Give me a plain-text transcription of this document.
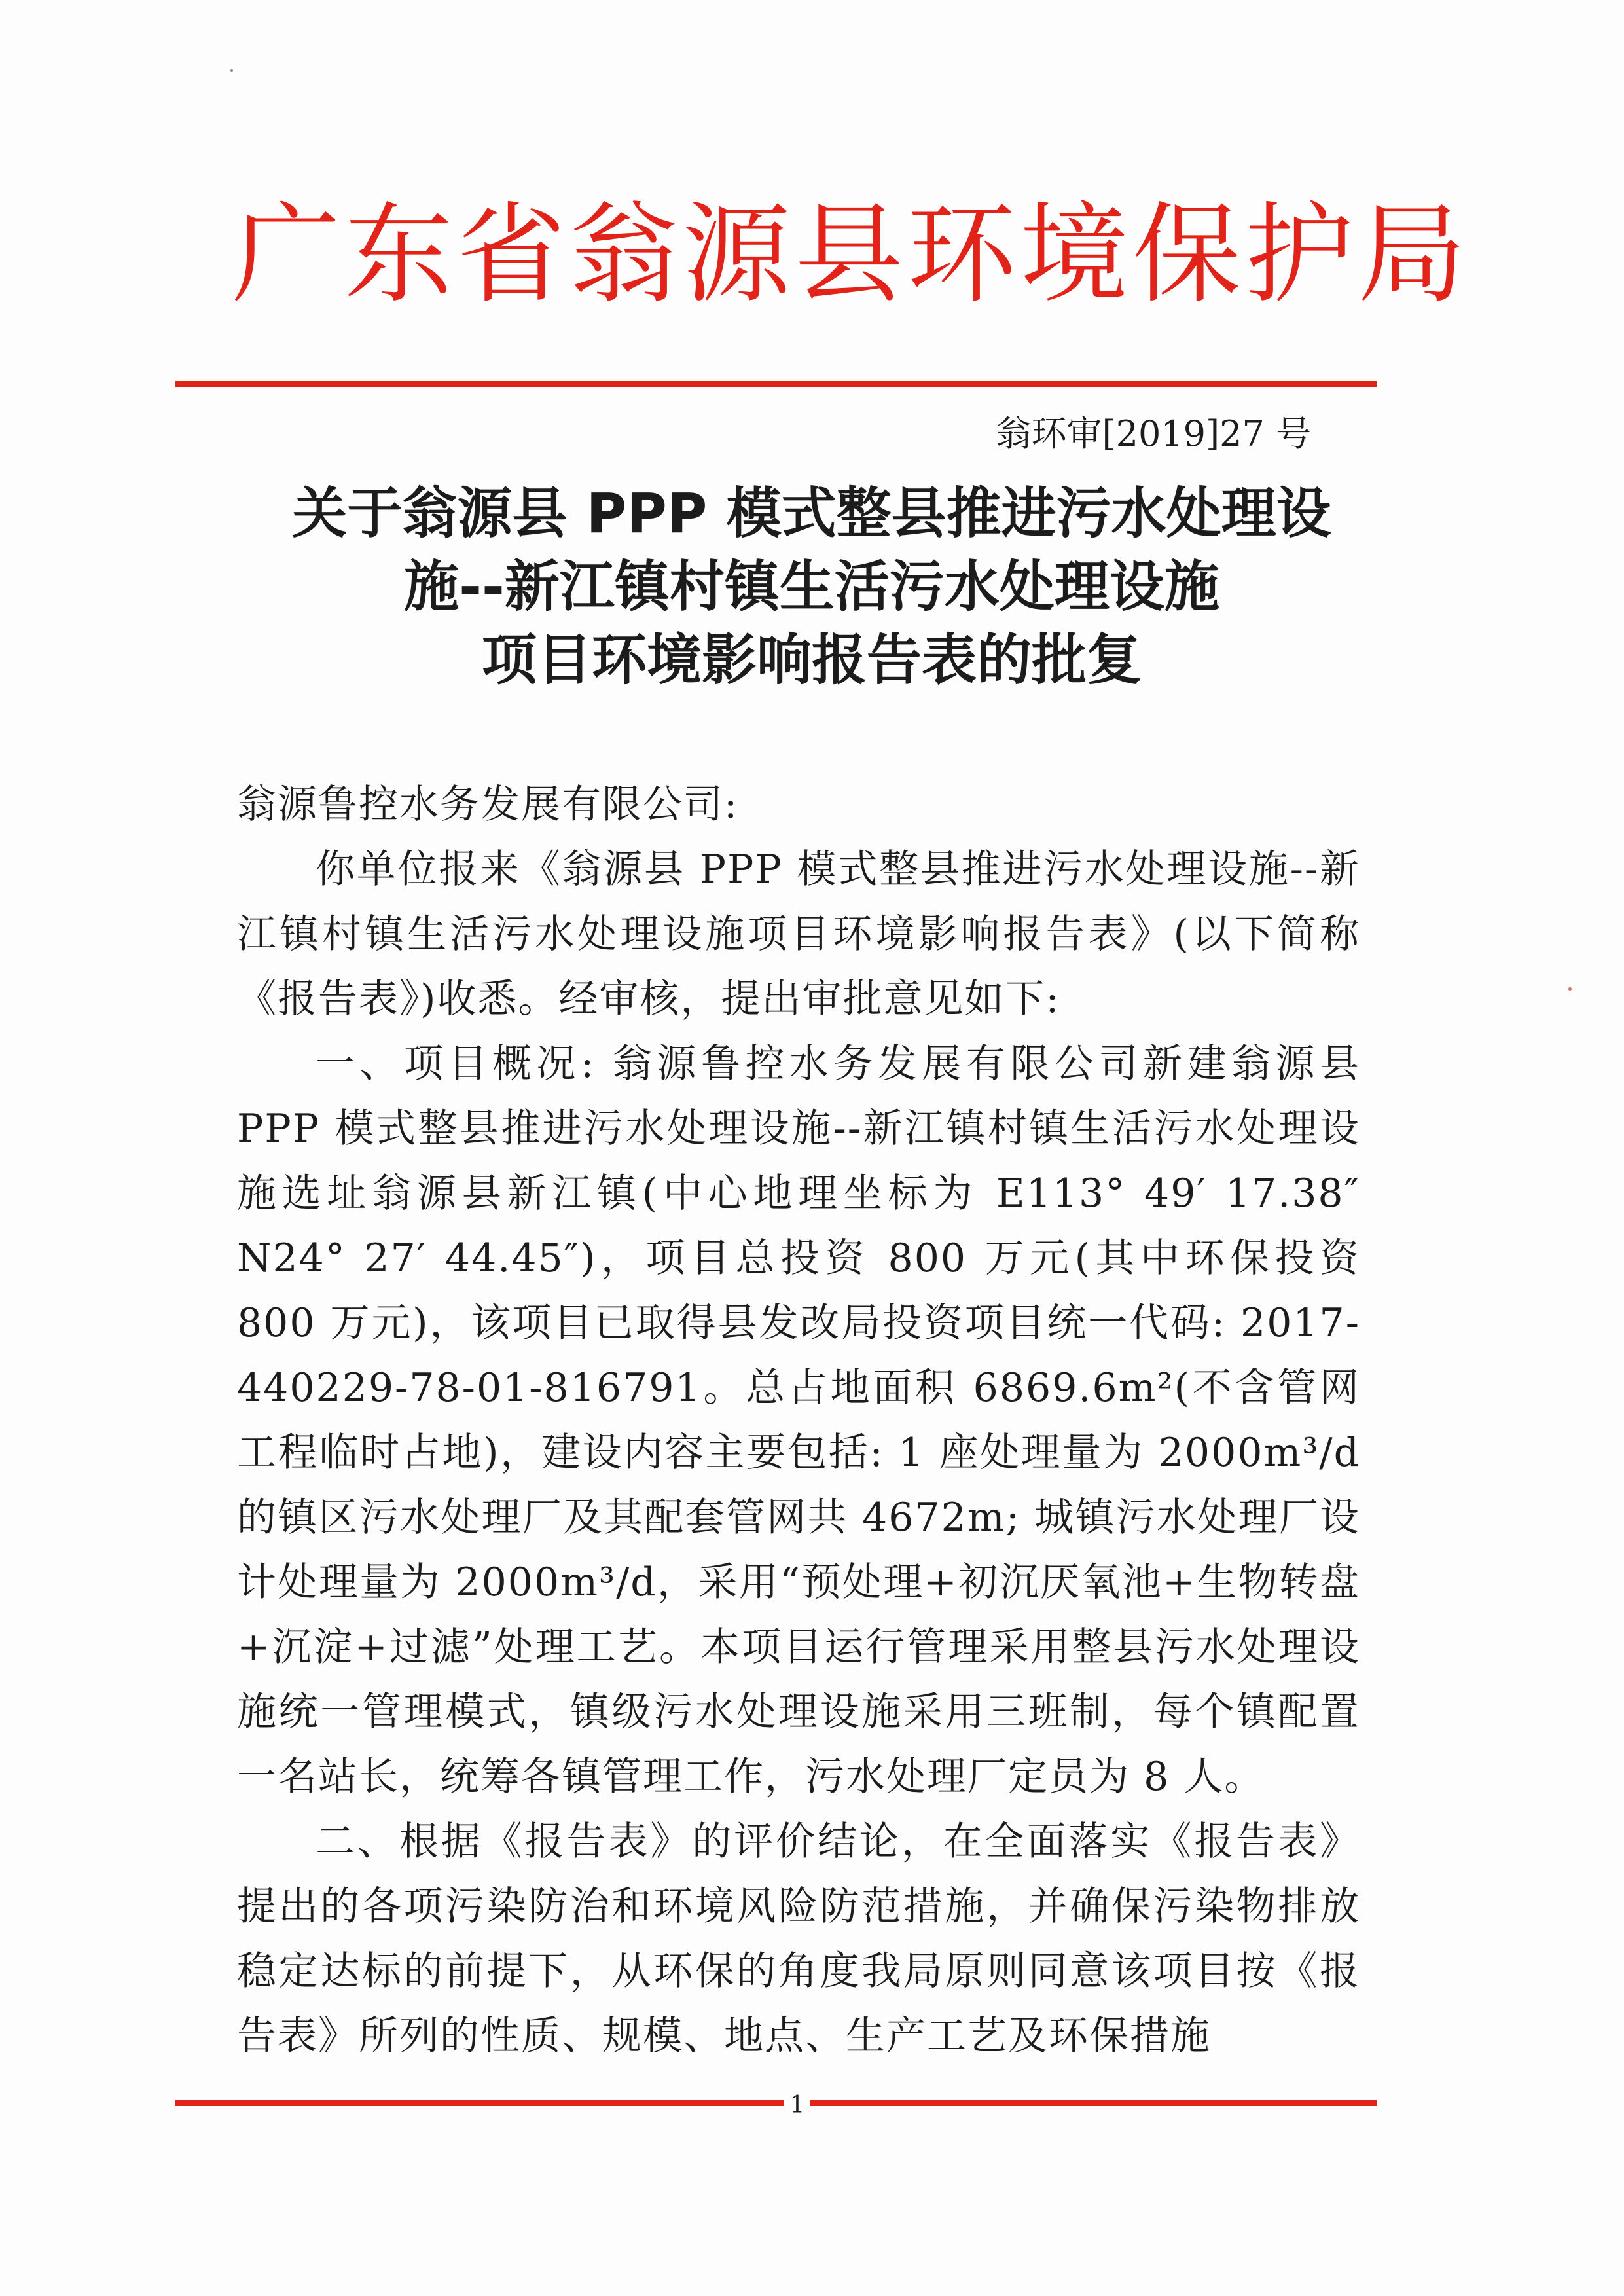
广东省翁源县环境保护局
翁环审[2019]27 号
关于翁源县 PPP 模式整县推进污水处理设
施--新江镇村镇生活污水处理设施
项目环境影响报告表的批复

翁源鲁控水务发展有限公司:

你单位报来《翁源县 PPP 模式整县推进污水处理设施--新江镇村镇生活污水处理设施项目环境影响报告表》(以下简称《报告表》)收悉。经审核，提出审批意见如下:

一、项目概况: 翁源鲁控水务发展有限公司新建翁源县 PPP 模式整县推进污水处理设施--新江镇村镇生活污水处理设施选址翁源县新江镇(中心地理坐标为 E113° 49′ 17.38″ N24° 27′ 44.45″)，项目总投资 800 万元(其中环保投资 800 万元)，该项目已取得县发改局投资项目统一代码: 2017-440229-78-01-816791。总占地面积 6869.6m²(不含管网工程临时占地)，建设内容主要包括: 1 座处理量为 2000m³/d 的镇区污水处理厂及其配套管网共 4672m; 城镇污水处理厂设计处理量为 2000m³/d，采用“预处理+初沉厌氧池+生物转盘+沉淀+过滤”处理工艺。本项目运行管理采用整县污水处理设施统一管理模式，镇级污水处理设施采用三班制，每个镇配置一名站长，统筹各镇管理工作，污水处理厂定员为 8 人。

二、根据《报告表》的评价结论，在全面落实《报告表》提出的各项污染防治和环境风险防范措施，并确保污染物排放稳定达标的前提下，从环保的角度我局原则同意该项目按《报告表》所列的性质、规模、地点、生产工艺及环保措施

1
